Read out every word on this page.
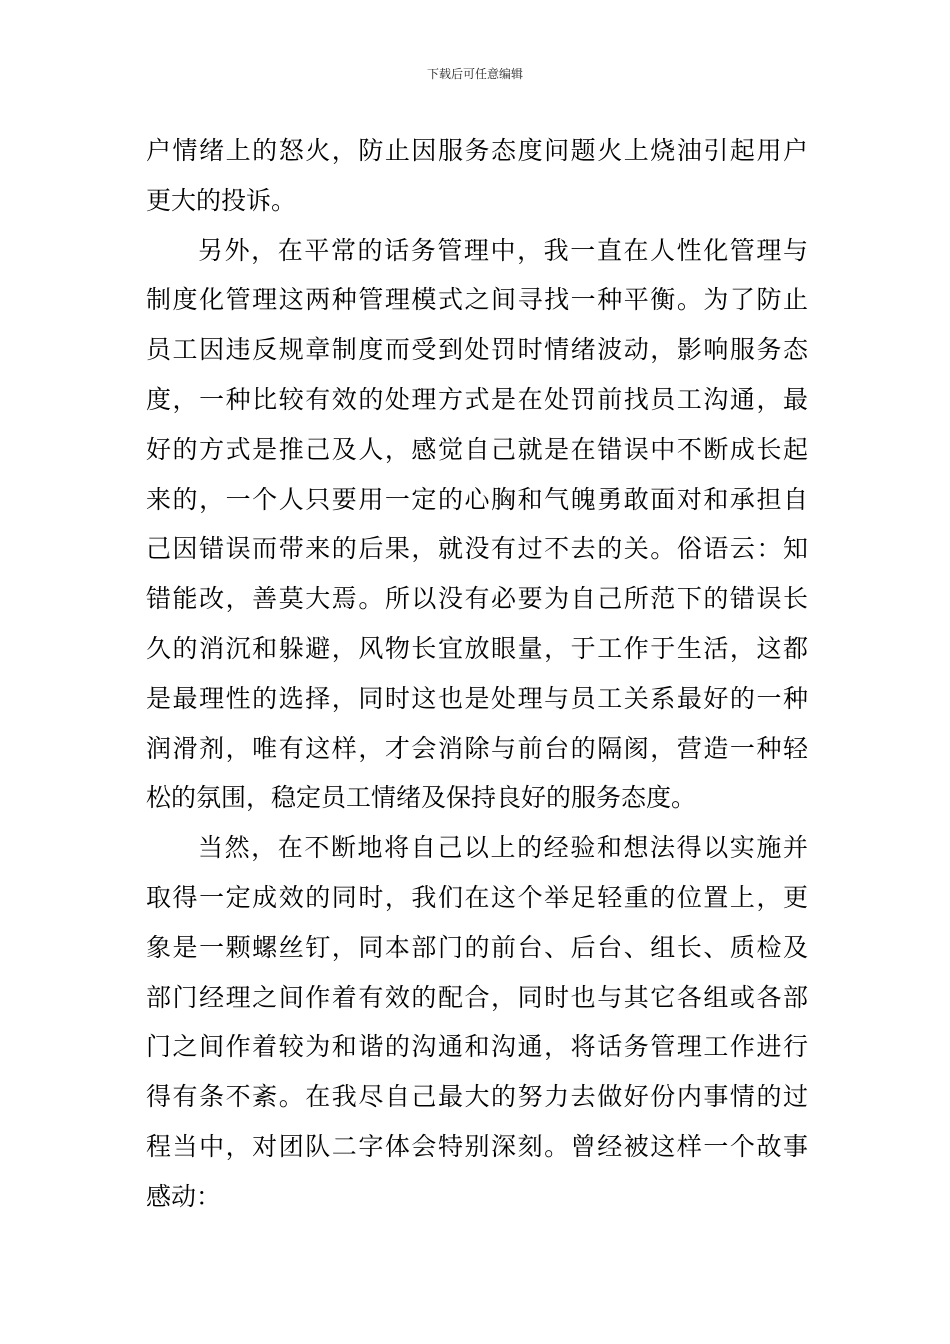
下载后可任意编辑
户情绪上的怒火，防止因服务态度问题火上烧油引起用户
更大的投诉。
另外，在平常的话务管理中，我一直在人性化管理与
制度化管理这两种管理模式之间寻找一种平衡。为了防止
员工因违反规章制度而受到处罚时情绪波动，影响服务态
度，一种比较有效的处理方式是在处罚前找员工沟通，最
好的方式是推己及人，感觉自己就是在错误中不断成长起
来的，一个人只要用一定的心胸和气魄勇敢面对和承担自
己因错误而带来的后果，就没有过不去的关。俗语云：知
错能改，善莫大焉。所以没有必要为自己所范下的错误长
久的消沉和躲避，风物长宜放眼量，于工作于生活，这都
是最理性的选择，同时这也是处理与员工关系最好的一种
润滑剂，唯有这样，才会消除与前台的隔阂，营造一种轻
松的氛围，稳定员工情绪及保持良好的服务态度。
当然，在不断地将自己以上的经验和想法得以实施并
取得一定成效的同时，我们在这个举足轻重的位置上，更
象是一颗螺丝钉，同本部门的前台、后台、组长、质检及
部门经理之间作着有效的配合，同时也与其它各组或各部
门之间作着较为和谐的沟通和沟通，将话务管理工作进行
得有条不紊。在我尽自己最大的努力去做好份内事情的过
程当中，对团队二字体会特别深刻。曾经被这样一个故事
感动：
